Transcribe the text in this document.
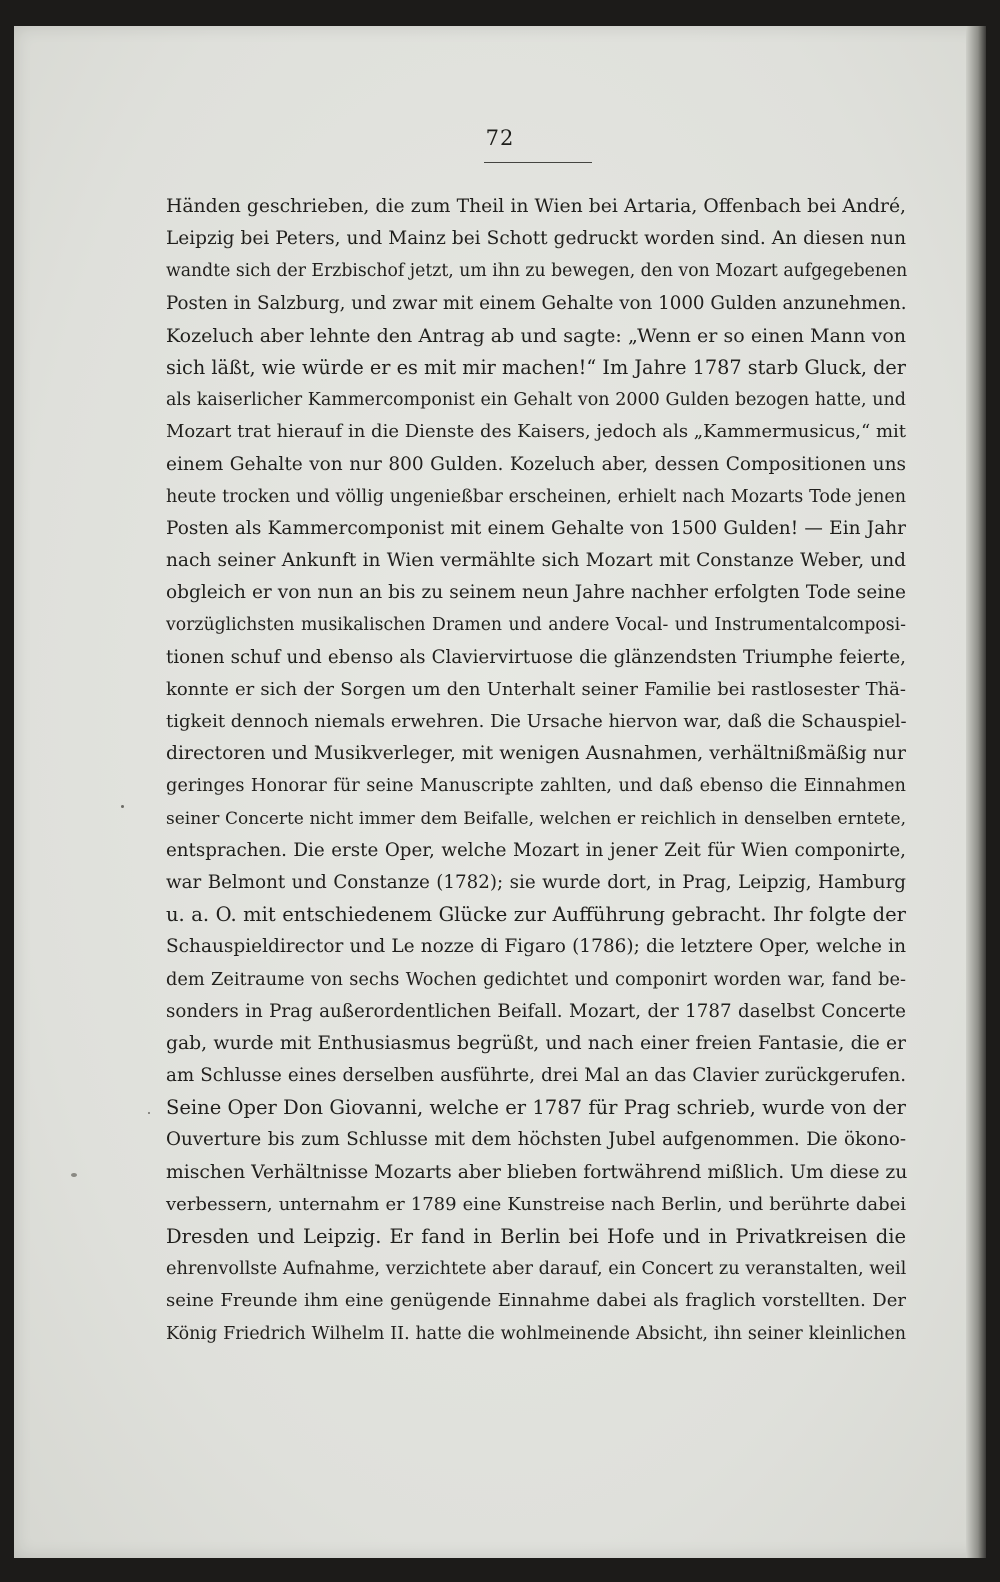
72
Händen geschrieben, die zum Theil in Wien bei Artaria, Offenbach bei André,
Leipzig bei Peters, und Mainz bei Schott gedruckt worden sind. An diesen nun
wandte sich der Erzbischof jetzt, um ihn zu bewegen, den von Mozart aufgegebenen
Posten in Salzburg, und zwar mit einem Gehalte von 1000 Gulden anzunehmen.
Kozeluch aber lehnte den Antrag ab und sagte: „Wenn er so einen Mann von
sich läßt, wie würde er es mit mir machen!“ Im Jahre 1787 starb Gluck, der
als kaiserlicher Kammercomponist ein Gehalt von 2000 Gulden bezogen hatte, und
Mozart trat hierauf in die Dienste des Kaisers, jedoch als „Kammermusicus,“ mit
einem Gehalte von nur 800 Gulden. Kozeluch aber, dessen Compositionen uns
heute trocken und völlig ungenießbar erscheinen, erhielt nach Mozarts Tode jenen
Posten als Kammercomponist mit einem Gehalte von 1500 Gulden! — Ein Jahr
nach seiner Ankunft in Wien vermählte sich Mozart mit Constanze Weber, und
obgleich er von nun an bis zu seinem neun Jahre nachher erfolgten Tode seine
vorzüglichsten musikalischen Dramen und andere Vocal- und Instrumentalcomposi-
tionen schuf und ebenso als Claviervirtuose die glänzendsten Triumphe feierte,
konnte er sich der Sorgen um den Unterhalt seiner Familie bei rastlosester Thä-
tigkeit dennoch niemals erwehren. Die Ursache hiervon war, daß die Schauspiel-
directoren und Musikverleger, mit wenigen Ausnahmen, verhältnißmäßig nur
geringes Honorar für seine Manuscripte zahlten, und daß ebenso die Einnahmen
seiner Concerte nicht immer dem Beifalle, welchen er reichlich in denselben erntete,
entsprachen. Die erste Oper, welche Mozart in jener Zeit für Wien componirte,
war Belmont und Constanze (1782); sie wurde dort, in Prag, Leipzig, Hamburg
u. a. O. mit entschiedenem Glücke zur Aufführung gebracht. Ihr folgte der
Schauspieldirector und Le nozze di Figaro (1786); die letztere Oper, welche in
dem Zeitraume von sechs Wochen gedichtet und componirt worden war, fand be-
sonders in Prag außerordentlichen Beifall. Mozart, der 1787 daselbst Concerte
gab, wurde mit Enthusiasmus begrüßt, und nach einer freien Fantasie, die er
am Schlusse eines derselben ausführte, drei Mal an das Clavier zurückgerufen.
Seine Oper Don Giovanni, welche er 1787 für Prag schrieb, wurde von der
Ouverture bis zum Schlusse mit dem höchsten Jubel aufgenommen. Die ökono-
mischen Verhältnisse Mozarts aber blieben fortwährend mißlich. Um diese zu
verbessern, unternahm er 1789 eine Kunstreise nach Berlin, und berührte dabei
Dresden und Leipzig. Er fand in Berlin bei Hofe und in Privatkreisen die
ehrenvollste Aufnahme, verzichtete aber darauf, ein Concert zu veranstalten, weil
seine Freunde ihm eine genügende Einnahme dabei als fraglich vorstellten. Der
König Friedrich Wilhelm II. hatte die wohlmeinende Absicht, ihn seiner kleinlichen
